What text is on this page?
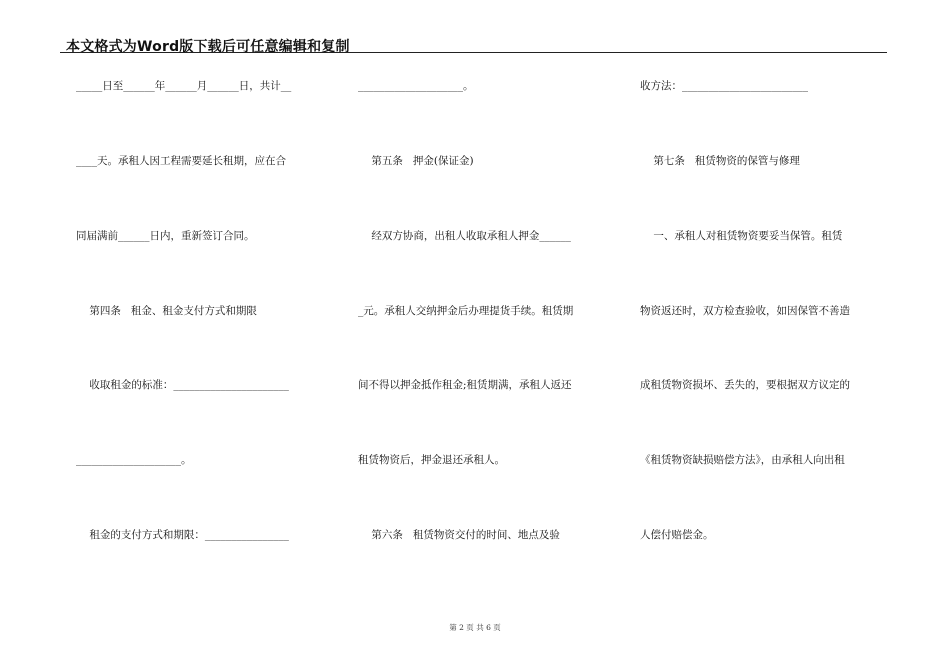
本文格式为Word版下载后可任意编辑和复制
_____日至______年______月______日，共计__
____天。承租人因工程需要延长租期，应在合
同届满前______日内，重新签订合同。
第四条   租金、租金支付方式和期限
收取租金的标准：______________________
____________________。
租金的支付方式和期限：________________
____________________。
第五条   押金(保证金)
经双方协商，出租人收取承租人押金______
_元。承租人交纳押金后办理提货手续。租赁期
间不得以押金抵作租金;租赁期满，承租人返还
租赁物资后，押金退还承租人。
第六条   租赁物资交付的时间、地点及验
收方法：________________________
第七条   租赁物资的保管与修理
一、承租人对租赁物资要妥当保管。租赁
物资返还时，双方检查验收，如因保管不善造
成租赁物资损坏、丢失的，要根据双方议定的
《租赁物资缺损赔偿方法》，由承租人向出租
人偿付赔偿金。
第 2 页 共 6 页
